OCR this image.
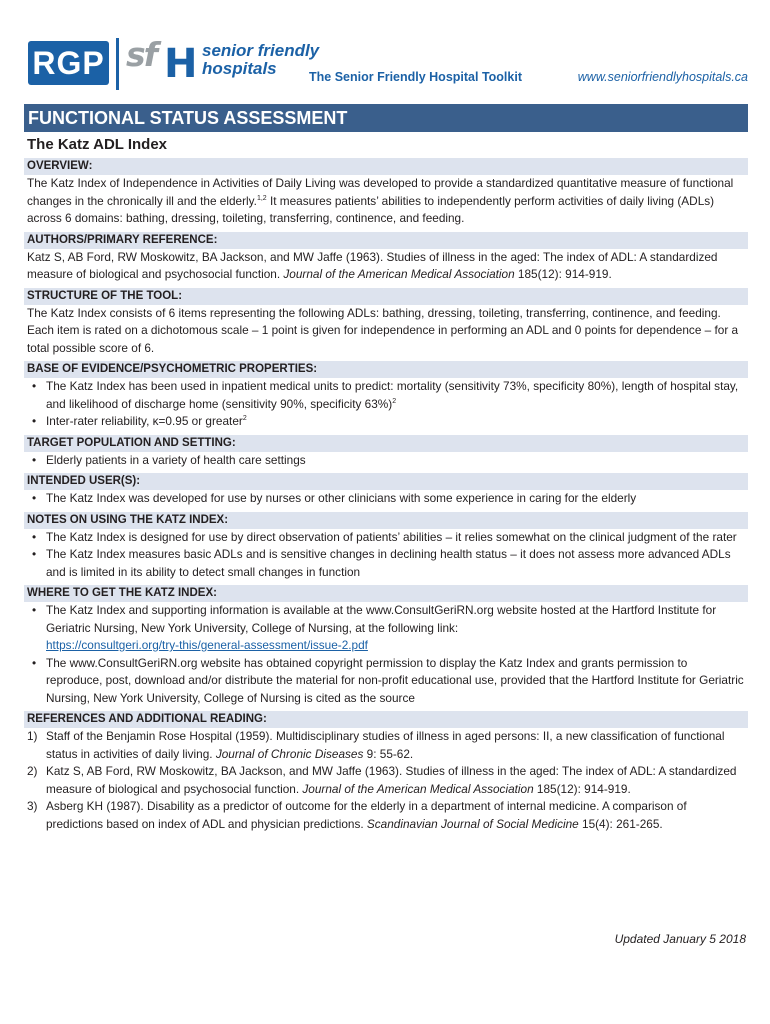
RGP sf H senior friendly
hospitals	The Senior Friendly Hospital Toolkit	www.seniorfriendlyhospitals.ca
FUNCTIONAL STATUS ASSESSMENT
The Katz ADL Index
OVERVIEW:
The Katz Index of Independence in Activities of Daily Living was developed to provide a standardized quantitative measure of functional changes in the chronically ill and the elderly.$^{1,2}$ It measures patients’ abilities to independently perform activities of daily living (ADLs) across 6 domains: bathing, dressing, toileting, transferring, continence, and feeding.
AUTHORS/PRIMARY REFERENCE:
Katz S, AB Ford, RW Moskowitz, BA Jackson, and MW Jaffe (1963). Studies of illness in the aged: The index of ADL: A standardized measure of biological and psychosocial function. Journal of the American Medical Association 185(12): 914-919.
STRUCTURE OF THE TOOL:
The Katz Index consists of 6 items representing the following ADLs: bathing, dressing, toileting, transferring, continence, and feeding. Each item is rated on a dichotomous scale – 1 point is given for independence in performing an ADL and 0 points for dependence – for a total possible score of 6.
BASE OF EVIDENCE/PSYCHOMETRIC PROPERTIES:
• The Katz Index has been used in inpatient medical units to predict: mortality (sensitivity 73%, specificity 80%), length of hospital stay, and likelihood of discharge home (sensitivity 90%, specificity 63%)$^2$
• Inter-rater reliability, κ=0.95 or greater$^2$
TARGET POPULATION AND SETTING:
• Elderly patients in a variety of health care settings
INTENDED USER(S):
• The Katz Index was developed for use by nurses or other clinicians with some experience in caring for the elderly
NOTES ON USING THE KATZ INDEX:
• The Katz Index is designed for use by direct observation of patients’ abilities – it relies somewhat on the clinical judgment of the rater
• The Katz Index measures basic ADLs and is sensitive changes in declining health status – it does not assess more advanced ADLs and is limited in its ability to detect small changes in function
WHERE TO GET THE KATZ INDEX:
• The Katz Index and supporting information is available at the www.ConsultGeriRN.org website hosted at the Hartford Institute for Geriatric Nursing, New York University, College of Nursing, at the following link:
https://consultgeri.org/try-this/general-assessment/issue-2.pdf
• The www.ConsultGeriRN.org website has obtained copyright permission to display the Katz Index and grants permission to reproduce, post, download and/or distribute the material for non-profit educational use, provided that the Hartford Institute for Geriatric Nursing, New York University, College of Nursing is cited as the source
REFERENCES AND ADDITIONAL READING:
1) Staff of the Benjamin Rose Hospital (1959). Multidisciplinary studies of illness in aged persons: II, a new classification of functional status in activities of daily living. Journal of Chronic Diseases 9: 55-62.
2) Katz S, AB Ford, RW Moskowitz, BA Jackson, and MW Jaffe (1963). Studies of illness in the aged: The index of ADL: A standardized measure of biological and psychosocial function. Journal of the American Medical Association 185(12): 914-919.
3) Asberg KH (1987). Disability as a predictor of outcome for the elderly in a department of internal medicine. A comparison of predictions based on index of ADL and physician predictions. Scandinavian Journal of Social Medicine 15(4): 261-265.
Updated January 5 2018
